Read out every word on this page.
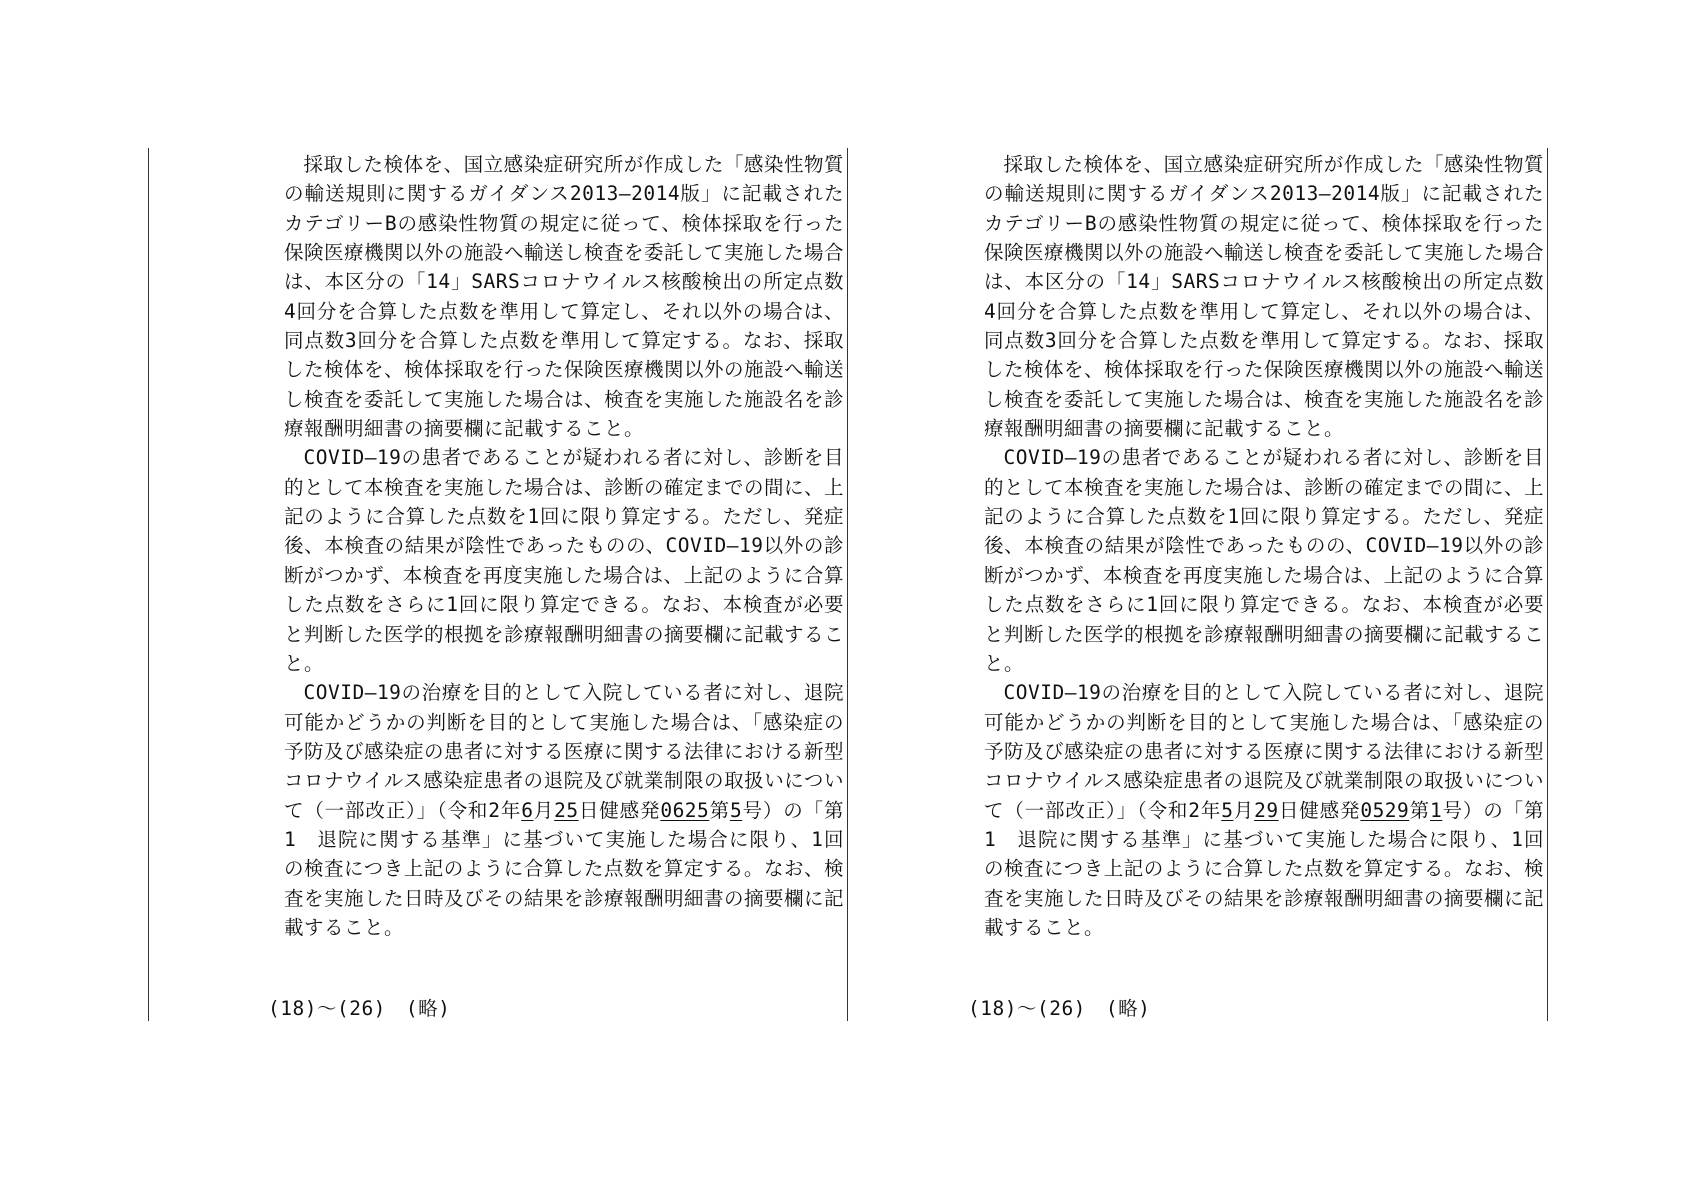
採取した検体を、国立感染症研究所が作成した「感染性物質の輸送規則に関するガイダンス2013―2014版」に記載されたカテゴリーBの感染性物質の規定に従って、検体採取を行った保険医療機関以外の施設へ輸送し検査を委託して実施した場合は、本区分の「14」SARSコロナウイルス核酸検出の所定点数4回分を合算した点数を準用して算定し、それ以外の場合は、同点数3回分を合算した点数を準用して算定する。なお、採取した検体を、検体採取を行った保険医療機関以外の施設へ輸送し検査を委託して実施した場合は、検査を実施した施設名を診療報酬明細書の摘要欄に記載すること。

COVID―19の患者であることが疑われる者に対し、診断を目的として本検査を実施した場合は、診断の確定までの間に、上記のように合算した点数を1回に限り算定する。ただし、発症後、本検査の結果が陰性であったものの、COVID―19以外の診断がつかず、本検査を再度実施した場合は、上記のように合算した点数をさらに1回に限り算定できる。なお、本検査が必要と判断した医学的根拠を診療報酬明細書の摘要欄に記載すること。

COVID―19の治療を目的として入院している者に対し、退院可能かどうかの判断を目的として実施した場合は、「感染症の予防及び感染症の患者に対する医療に関する法律における新型コロナウイルス感染症患者の退院及び就業制限の取扱いについて（一部改正）」（令和2年6月25日健感発0625第5号）の「第1　退院に関する基準」に基づいて実施した場合に限り、1回の検査につき上記のように合算した点数を算定する。なお、検査を実施した日時及びその結果を診療報酬明細書の摘要欄に記載すること。

(18)～(26)　(略)

採取した検体を、国立感染症研究所が作成した「感染性物質の輸送規則に関するガイダンス2013―2014版」に記載されたカテゴリーBの感染性物質の規定に従って、検体採取を行った保険医療機関以外の施設へ輸送し検査を委託して実施した場合は、本区分の「14」SARSコロナウイルス核酸検出の所定点数4回分を合算した点数を準用して算定し、それ以外の場合は、同点数3回分を合算した点数を準用して算定する。なお、採取した検体を、検体採取を行った保険医療機関以外の施設へ輸送し検査を委託して実施した場合は、検査を実施した施設名を診療報酬明細書の摘要欄に記載すること。

COVID―19の患者であることが疑われる者に対し、診断を目的として本検査を実施した場合は、診断の確定までの間に、上記のように合算した点数を1回に限り算定する。ただし、発症後、本検査の結果が陰性であったものの、COVID―19以外の診断がつかず、本検査を再度実施した場合は、上記のように合算した点数をさらに1回に限り算定できる。なお、本検査が必要と判断した医学的根拠を診療報酬明細書の摘要欄に記載すること。

COVID―19の治療を目的として入院している者に対し、退院可能かどうかの判断を目的として実施した場合は、「感染症の予防及び感染症の患者に対する医療に関する法律における新型コロナウイルス感染症患者の退院及び就業制限の取扱いについて（一部改正）」（令和2年5月29日健感発0529第1号）の「第1　退院に関する基準」に基づいて実施した場合に限り、1回の検査につき上記のように合算した点数を算定する。なお、検査を実施した日時及びその結果を診療報酬明細書の摘要欄に記載すること。

(18)～(26)　(略)
